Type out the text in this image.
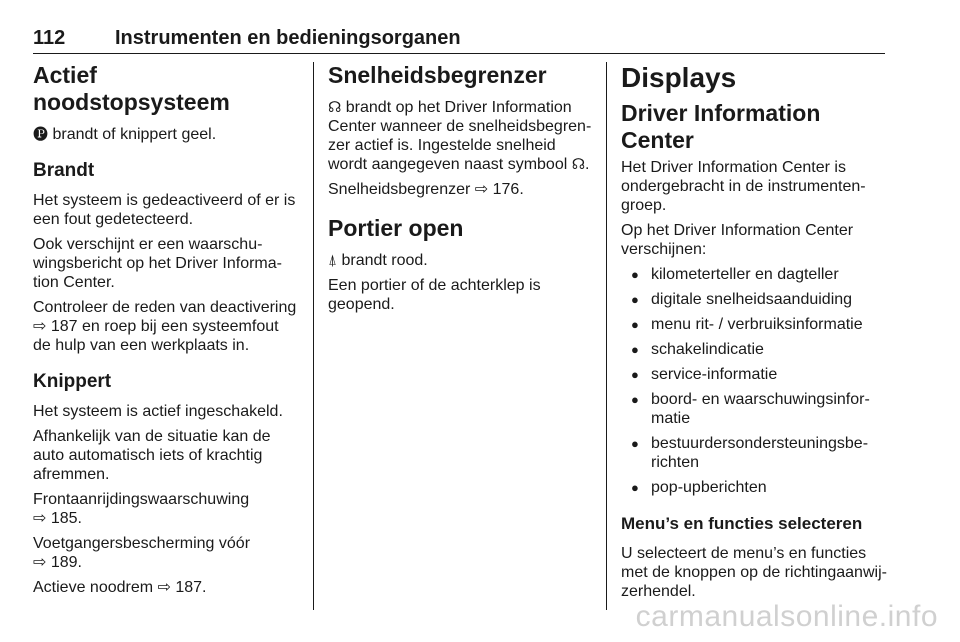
112	Instrumenten en bedieningsorganen
Actief noodstopsysteem

🅟 brandt of knippert geel.

Brandt

Het systeem is gedeactiveerd of er is een fout gedetecteerd.

Ook verschijnt er een waarschu-wingsbericht op het Driver Informa-tion Center.

Controleer de reden van deactivering ⇨ 187 en roep bij een systeemfout de hulp van een werkplaats in.

Knippert

Het systeem is actief ingeschakeld.

Afhankelijk van de situatie kan de auto automatisch iets of krachtig afremmen.

Frontaanrijdingswaarschuwing
⇨ 185.

Voetgangersbescherming vóór
⇨ 189.

Actieve noodrem ⇨ 187.

Snelheidsbegrenzer

☊ brandt op het Driver Information Center wanneer de snelheidsbegren-zer actief is. Ingestelde snelheid wordt aangegeven naast symbool ☊.

Snelheidsbegrenzer ⇨ 176.

Portier open

⍋ brandt rood.

Een portier of de achterklep is geopend.

Displays
Driver Information Center

Het Driver Information Center is ondergebracht in de instrumenten-groep.

Op het Driver Information Center verschijnen:

● kilometerteller en dagteller
● digitale snelheidsaanduiding
● menu rit- / verbruiksinformatie
● schakelindicatie
● service-informatie
● boord- en waarschuwingsinfor-matie
● bestuurdersondersteuningsbe-richten
● pop-upberichten
Menu’s en functies selecteren

U selecteert de menu’s en functies met de knoppen op de richtingaanwij-zerhendel.

carmanualsonline.info
